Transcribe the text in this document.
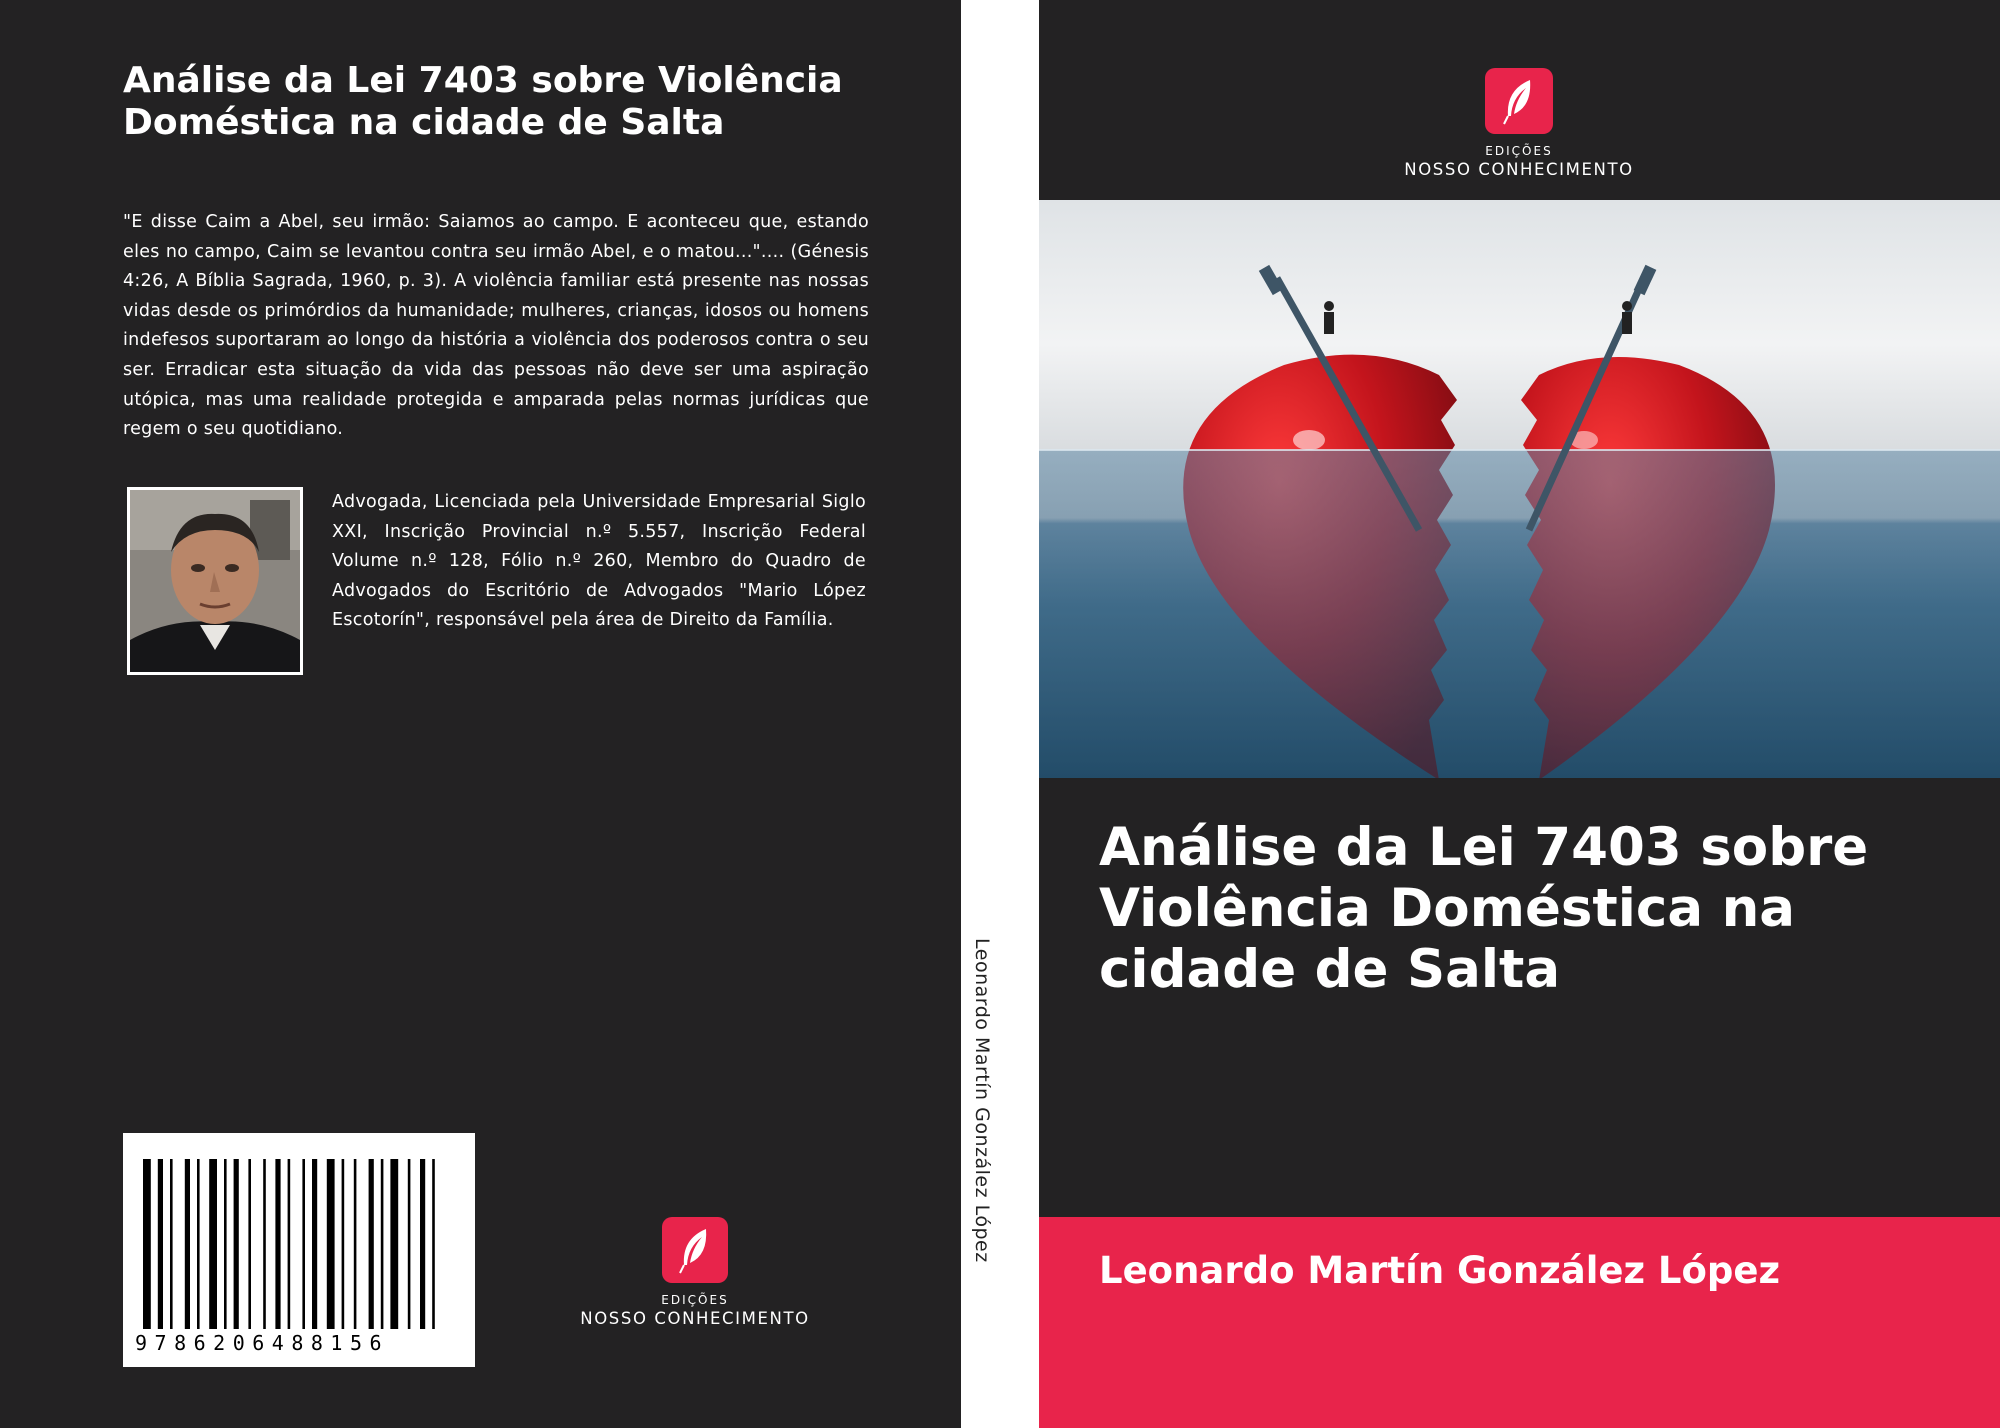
Análise da Lei 7403 sobre Violência Doméstica na cidade de Salta

"E disse Caim a Abel, seu irmão: Saiamos ao campo. E aconteceu que, estando eles no campo, Caim se levantou contra seu irmão Abel, e o matou...".... (Génesis 4:26, A Bíblia Sagrada, 1960, p. 3). A violência familiar está presente nas nossas vidas desde os primórdios da humanidade; mulheres, crianças, idosos ou homens indefesos suportaram ao longo da história a violência dos poderosos contra o seu ser. Erradicar esta situação da vida das pessoas não deve ser uma aspiração utópica, mas uma realidade protegida e amparada pelas normas jurídicas que regem o seu quotidiano.

Advogada, Licenciada pela Universidade Empresarial Siglo XXI, Inscrição Provincial n.º 5.557, Inscrição Federal Volume n.º 128, Fólio n.º 260, Membro do Quadro de Advogados do Escritório de Advogados "Mario López Escotorín", responsável pela área de Direito da Família.

9786206488156
EDIÇÕES
NOSSO CONHECIMENTO
Leonardo Martín González López
EDIÇÕES
NOSSO CONHECIMENTO
Análise da Lei 7403 sobre Violência Doméstica na cidade de Salta
Leonardo Martín González López
